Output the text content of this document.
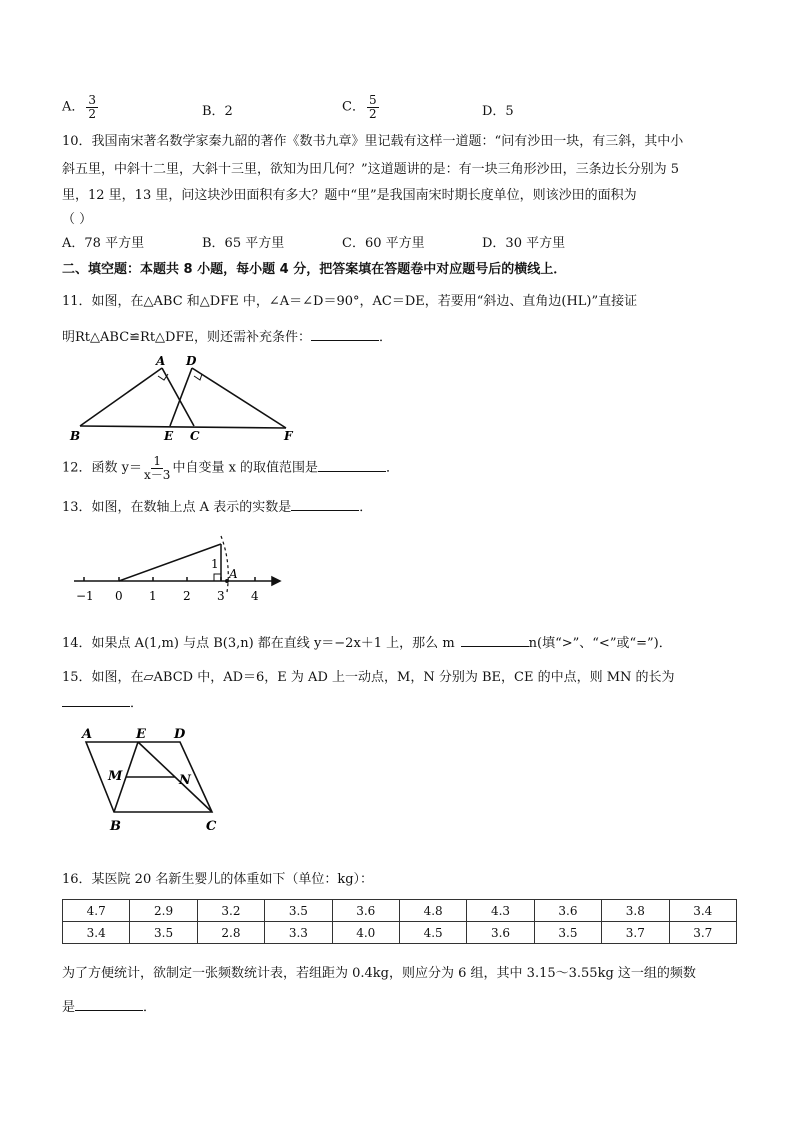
A． $\frac{3}{2}$	B．2	C． $\frac{5}{2}$	D．5
10．我国南宋著名数学家秦九韶的著作《数书九章》里记载有这样一道题：“问有沙田一块，有三斜，其中小
斜五里，中斜十二里，大斜十三里，欲知为田几何？”这道题讲的是：有一块三角形沙田，三条边长分别为 5
里，12 里，13 里，问这块沙田面积有多大？题中“里”是我国南宋时期长度单位，则该沙田的面积为
（ ）
A．78 平方里	B．65 平方里	C．60 平方里	D．30 平方里
二、填空题：本题共 8 小题，每小题 4 分，把答案填在答题卷中对应题号后的横线上．
11．如图，在△ABC 和△DFE 中，∠A＝∠D＝90°，AC＝DE，若要用“斜边、直角边(HL)”直接证
明Rt△ABC≌Rt△DFE，则还需补充条件：	．
A D
B	E C	F
12．函数 $y= \frac{1}{x-3}$ 中自变量 x 的取值范围是	．
13．如图，在数轴上点 A 表示的实数是	．
−1 0 1 2 3 4
1
A
14．如果点 A(1,m) 与点 B(3,n) 都在直线 y＝−2x＋1 上，那么 m	n(填“>”、“<”或“=”)．
15．如图，在▱ABCD 中，AD＝6，E 为 AD 上一动点，M，N 分别为 BE，CE 的中点，则 MN 的长为
．
A	E D
M	N
B	C
16．某医院 20 名新生婴儿的体重如下（单位：kg）：
4.7	2.9	3.2	3.5	3.6	4.8	4.3	3.6	3.8	3.4
3.4	3.5	2.8	3.3	4.0	4.5	3.6	3.5	3.7	3.7
为了方便统计，欲制定一张频数统计表，若组距为 0.4kg，则应分为 6 组，其中 3.15～3.55kg 这一组的频数
是	．
